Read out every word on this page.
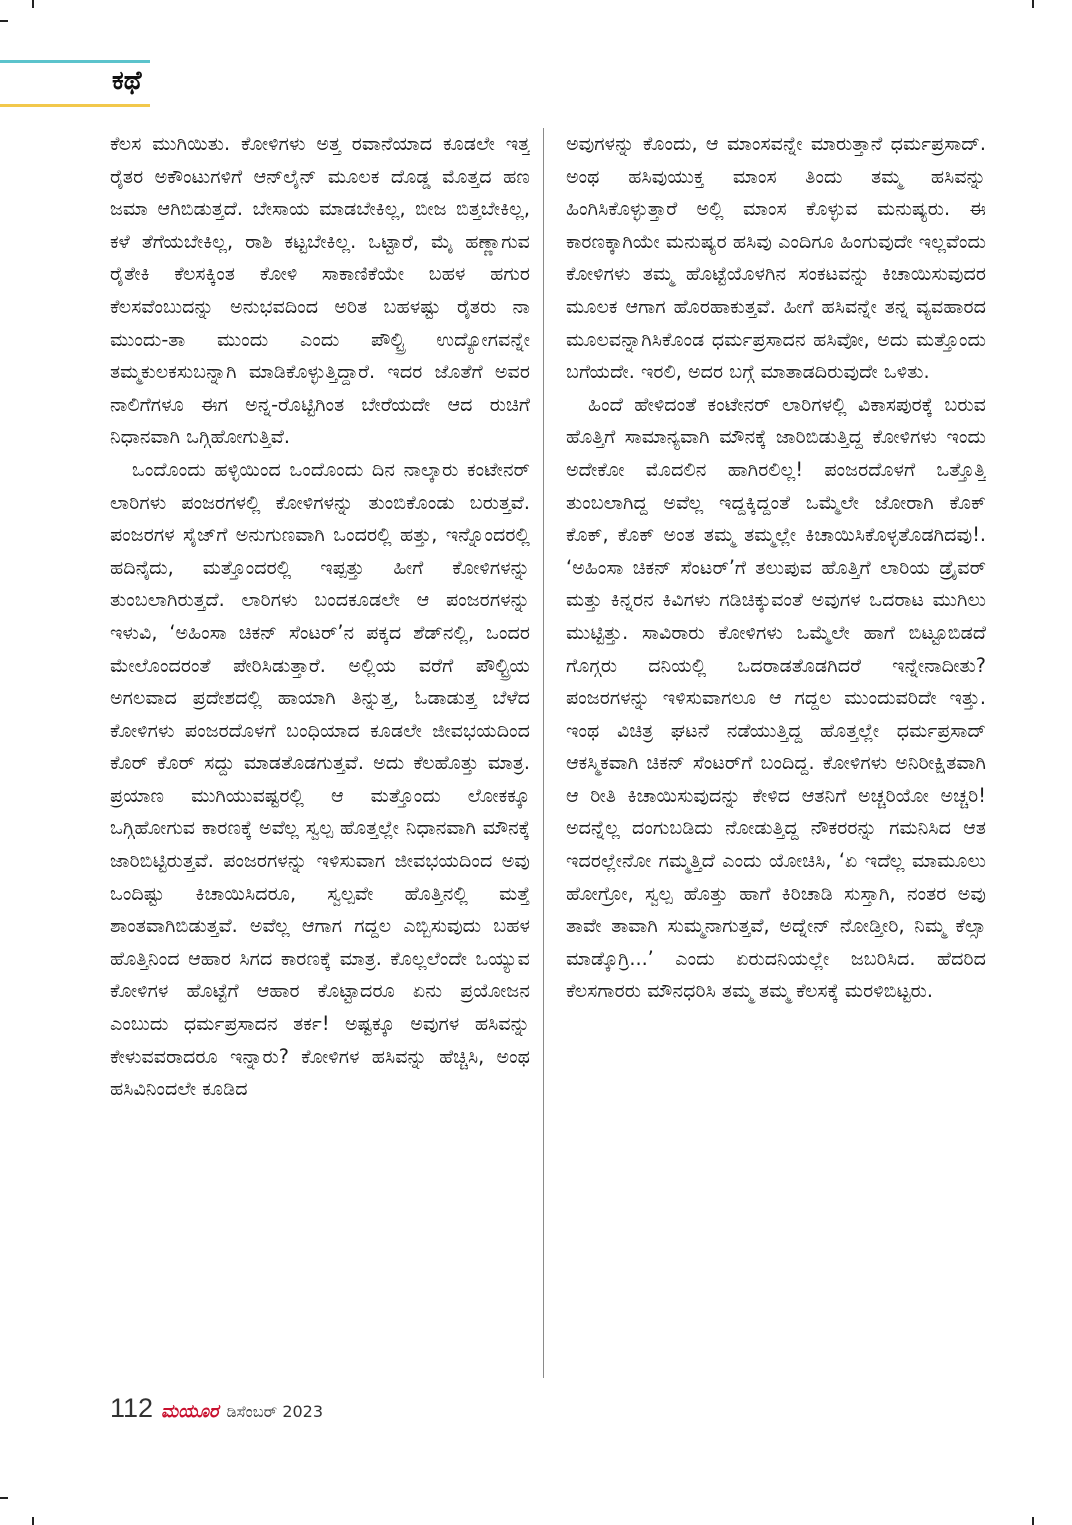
ಕಥೆ

ಕೆಲಸ ಮುಗಿಯಿತು. ಕೋಳಿಗಳು ಅತ್ತ ರವಾನೆಯಾದ ಕೂಡಲೇ ಇತ್ತ ರೈತರ ಅಕೌಂಟುಗಳಿಗೆ ಆನ್‌ಲೈನ್ ಮೂಲಕ ದೊಡ್ಡ ಮೊತ್ತದ ಹಣ ಜಮಾ ಆಗಿಬಿಡುತ್ತದೆ. ಬೇಸಾಯ ಮಾಡಬೇಕಿಲ್ಲ, ಬೀಜ ಬಿತ್ತಬೇಕಿಲ್ಲ, ಕಳೆ ತೆಗೆಯಬೇಕಿಲ್ಲ, ರಾಶಿ ಕಟ್ಟಬೇಕಿಲ್ಲ. ಒಟ್ಟಾರೆ, ಮೈ ಹಣ್ಣಾಗುವ ರೈತೇಕಿ ಕೆಲಸಕ್ಕಿಂತ ಕೋಳಿ ಸಾಕಾಣಿಕೆಯೇ ಬಹಳ ಹಗುರ ಕೆಲಸವೆಂಬುದನ್ನು ಅನುಭವದಿಂದ ಅರಿತ ಬಹಳಷ್ಟು ರೈತರು ನಾ ಮುಂದು-ತಾ ಮುಂದು ಎಂದು ಪೌಲ್ಟ್ರಿ ಉದ್ಯೋಗವನ್ನೇ ತಮ್ಮಕುಲಕಸುಬನ್ನಾಗಿ ಮಾಡಿಕೊಳ್ಳುತ್ತಿದ್ದಾರೆ. ಇದರ ಜೊತೆಗೆ ಅವರ ನಾಲಿಗೆಗಳೂ ಈಗ ಅನ್ನ-ರೊಟ್ಟಿಗಿಂತ ಬೇರೆಯದೇ ಆದ ರುಚಿಗೆ ನಿಧಾನವಾಗಿ ಒಗ್ಗಿಹೋಗುತ್ತಿವೆ.

ಒಂದೊಂದು ಹಳ್ಳಿಯಿಂದ ಒಂದೊಂದು ದಿನ ನಾಲ್ಕಾರು ಕಂಟೇನರ್ ಲಾರಿಗಳು ಪಂಜರಗಳಲ್ಲಿ ಕೋಳಿಗಳನ್ನು ತುಂಬಿಕೊಂಡು ಬರುತ್ತವೆ. ಪಂಜರಗಳ ಸೈಜ್‌ಗೆ ಅನುಗುಣವಾಗಿ ಒಂದರಲ್ಲಿ ಹತ್ತು, ಇನ್ನೊಂದರಲ್ಲಿ ಹದಿನೈದು, ಮತ್ತೊಂದರಲ್ಲಿ ಇಪ್ಪತ್ತು ಹೀಗೆ ಕೋಳಿಗಳನ್ನು ತುಂಬಲಾಗಿರುತ್ತದೆ. ಲಾರಿಗಳು ಬಂದಕೂಡಲೇ ಆ ಪಂಜರಗಳನ್ನು ಇಳುವಿ, ‘ಅಹಿಂಸಾ ಚಿಕನ್ ಸೆಂಟರ್’ನ ಪಕ್ಕದ ಶೆಡ್‌ನಲ್ಲಿ, ಒಂದರ ಮೇಲೊಂದರಂತೆ ಪೇರಿಸಿಡುತ್ತಾರೆ. ಅಲ್ಲಿಯ ವರೆಗೆ ಪೌಲ್ಟ್ರಿಯ ಅಗಲವಾದ ಪ್ರದೇಶದಲ್ಲಿ ಹಾಯಾಗಿ ತಿನ್ನುತ್ತ, ಓಡಾಡುತ್ತ ಬೆಳೆದ ಕೋಳಿಗಳು ಪಂಜರದೊಳಗೆ ಬಂಧಿಯಾದ ಕೂಡಲೇ ಜೀವಭಯದಿಂದ ಕೊರ್ ಕೊರ್ ಸದ್ದು ಮಾಡತೊಡಗುತ್ತವೆ. ಅದು ಕೆಲಹೊತ್ತು ಮಾತ್ರ. ಪ್ರಯಾಣ ಮುಗಿಯುವಷ್ಟರಲ್ಲಿ ಆ ಮತ್ತೊಂದು ಲೋಕಕ್ಕೂ ಒಗ್ಗಿಹೋಗುವ ಕಾರಣಕ್ಕೆ ಅವೆಲ್ಲ ಸ್ವಲ್ಪ ಹೊತ್ತಲ್ಲೇ ನಿಧಾನವಾಗಿ ಮೌನಕ್ಕೆ ಜಾರಿಬಿಟ್ಟಿರುತ್ತವೆ. ಪಂಜರಗಳನ್ನು ಇಳಿಸುವಾಗ ಜೀವಭಯದಿಂದ ಅವು ಒಂದಿಷ್ಟು ಕಿಚಾಯಿಸಿದರೂ, ಸ್ವಲ್ಪವೇ ಹೊತ್ತಿನಲ್ಲಿ ಮತ್ತೆ ಶಾಂತವಾಗಿಬಿಡುತ್ತವೆ. ಅವೆಲ್ಲ ಆಗಾಗ ಗದ್ದಲ ಎಬ್ಬಿಸುವುದು ಬಹಳ ಹೊತ್ತಿನಿಂದ ಆಹಾರ ಸಿಗದ ಕಾರಣಕ್ಕೆ ಮಾತ್ರ. ಕೊಲ್ಲಲೆಂದೇ ಒಯ್ಯುವ ಕೋಳಿಗಳ ಹೊಟ್ಟೆಗೆ ಆಹಾರ ಕೊಟ್ಟಾದರೂ ಏನು ಪ್ರಯೋಜನ ಎಂಬುದು ಧರ್ಮಪ್ರಸಾದನ ತರ್ಕ! ಅಷ್ಟಕ್ಕೂ ಅವುಗಳ ಹಸಿವನ್ನು ಕೇಳುವವರಾದರೂ ಇನ್ನಾರು? ಕೋಳಿಗಳ ಹಸಿವನ್ನು ಹೆಚ್ಚಿಸಿ, ಅಂಥ ಹಸಿವಿನಿಂದಲೇ ಕೂಡಿದ

ಅವುಗಳನ್ನು ಕೊಂದು, ಆ ಮಾಂಸವನ್ನೇ ಮಾರುತ್ತಾನೆ ಧರ್ಮಪ್ರಸಾದ್. ಅಂಥ ಹಸಿವುಯುಕ್ತ ಮಾಂಸ ತಿಂದು ತಮ್ಮ ಹಸಿವನ್ನು ಹಿಂಗಿಸಿಕೊಳ್ಳುತ್ತಾರೆ ಅಲ್ಲಿ ಮಾಂಸ ಕೊಳ್ಳುವ ಮನುಷ್ಯರು. ಈ ಕಾರಣಕ್ಕಾಗಿಯೇ ಮನುಷ್ಯರ ಹಸಿವು ಎಂದಿಗೂ ಹಿಂಗುವುದೇ ಇಲ್ಲವೆಂದು ಕೋಳಿಗಳು ತಮ್ಮ ಹೊಟ್ಟೆಯೊಳಗಿನ ಸಂಕಟವನ್ನು ಕಿಚಾಯಿಸುವುದರ ಮೂಲಕ ಆಗಾಗ ಹೊರಹಾಕುತ್ತವೆ. ಹೀಗೆ ಹಸಿವನ್ನೇ ತನ್ನ ವ್ಯವಹಾರದ ಮೂಲವನ್ನಾಗಿಸಿಕೊಂಡ ಧರ್ಮಪ್ರಸಾದನ ಹಸಿವೋ, ಅದು ಮತ್ತೊಂದು ಬಗೆಯದೇ. ಇರಲಿ, ಅದರ ಬಗ್ಗೆ ಮಾತಾಡದಿರುವುದೇ ಒಳಿತು.

ಹಿಂದೆ ಹೇಳಿದಂತೆ ಕಂಟೇನರ್ ಲಾರಿಗಳಲ್ಲಿ ವಿಕಾಸಪುರಕ್ಕೆ ಬರುವ ಹೊತ್ತಿಗೆ ಸಾಮಾನ್ಯವಾಗಿ ಮೌನಕ್ಕೆ ಜಾರಿಬಿಡುತ್ತಿದ್ದ ಕೋಳಿಗಳು ಇಂದು ಅದೇಕೋ ಮೊದಲಿನ ಹಾಗಿರಲಿಲ್ಲ! ಪಂಜರದೊಳಗೆ ಒತ್ತೊತ್ತಿ ತುಂಬಲಾಗಿದ್ದ ಅವೆಲ್ಲ ಇದ್ದಕ್ಕಿದ್ದಂತೆ ಒಮ್ಮೆಲೇ ಜೋರಾಗಿ ಕೊಕ್ ಕೊಕ್, ಕೊಕ್ ಅಂತ ತಮ್ಮ ತಮ್ಮಲ್ಲೇ ಕಿಚಾಯಿಸಿಕೊಳ್ಳತೊಡಗಿದವು!. ‘ಅಹಿಂಸಾ ಚಿಕನ್ ಸೆಂಟರ್’ಗೆ ತಲುಪುವ ಹೊತ್ತಿಗೆ ಲಾರಿಯ ಡ್ರೈವರ್ ಮತ್ತು ಕಿನ್ನರನ ಕಿವಿಗಳು ಗಡಿಚಿಕ್ಕುವಂತೆ ಅವುಗಳ ಒದರಾಟ ಮುಗಿಲು ಮುಟ್ಟಿತ್ತು. ಸಾವಿರಾರು ಕೋಳಿಗಳು ಒಮ್ಮೆಲೇ ಹಾಗೆ ಬಿಟ್ಟೂಬಿಡದೆ ಗೊಗ್ಗರು ದನಿಯಲ್ಲಿ ಒದರಾಡತೊಡಗಿದರೆ ಇನ್ನೇನಾದೀತು? ಪಂಜರಗಳನ್ನು ಇಳಿಸುವಾಗಲೂ ಆ ಗದ್ದಲ ಮುಂದುವರಿದೇ ಇತ್ತು. ಇಂಥ ವಿಚಿತ್ರ ಘಟನೆ ನಡೆಯುತ್ತಿದ್ದ ಹೊತ್ತಲ್ಲೇ ಧರ್ಮಪ್ರಸಾದ್ ಆಕಸ್ಮಿಕವಾಗಿ ಚಿಕನ್ ಸೆಂಟರ್‌ಗೆ ಬಂದಿದ್ದ. ಕೋಳಿಗಳು ಅನಿರೀಕ್ಷಿತವಾಗಿ ಆ ರೀತಿ ಕಿಚಾಯಿಸುವುದನ್ನು ಕೇಳಿದ ಆತನಿಗೆ ಅಚ್ಚರಿಯೋ ಅಚ್ಚರಿ! ಅದನ್ನೆಲ್ಲ ದಂಗುಬಡಿದು ನೋಡುತ್ತಿದ್ದ ನೌಕರರನ್ನು ಗಮನಿಸಿದ ಆತ ಇದರಲ್ಲೇನೋ ಗಮ್ಮತ್ತಿದೆ ಎಂದು ಯೋಚಿಸಿ, ‘ಏ ಇದೆಲ್ಲ ಮಾಮೂಲು ಹೋಗ್ರೋ, ಸ್ವಲ್ಪ ಹೊತ್ತು ಹಾಗೆ ಕಿರಿಚಾಡಿ ಸುಸ್ತಾಗಿ, ನಂತರ ಅವು ತಾವೇ ತಾವಾಗಿ ಸುಮ್ಮನಾಗುತ್ತವೆ, ಅದ್ನೇನ್ ನೋಡ್ತೀರಿ, ನಿಮ್ಮ ಕೆಲ್ಸಾ ಮಾಡ್ಕೊಗ್ರಿ...’ ಎಂದು ಏರುದನಿಯಲ್ಲೇ ಜಬರಿಸಿದ. ಹೆದರಿದ ಕೆಲಸಗಾರರು ಮೌನಧರಿಸಿ ತಮ್ಮ ತಮ್ಮ ಕೆಲಸಕ್ಕೆ ಮರಳಿಬಿಟ್ಟರು.

112 ಮಯೂರ ಡಿಸೆಂಬರ್ 2023
